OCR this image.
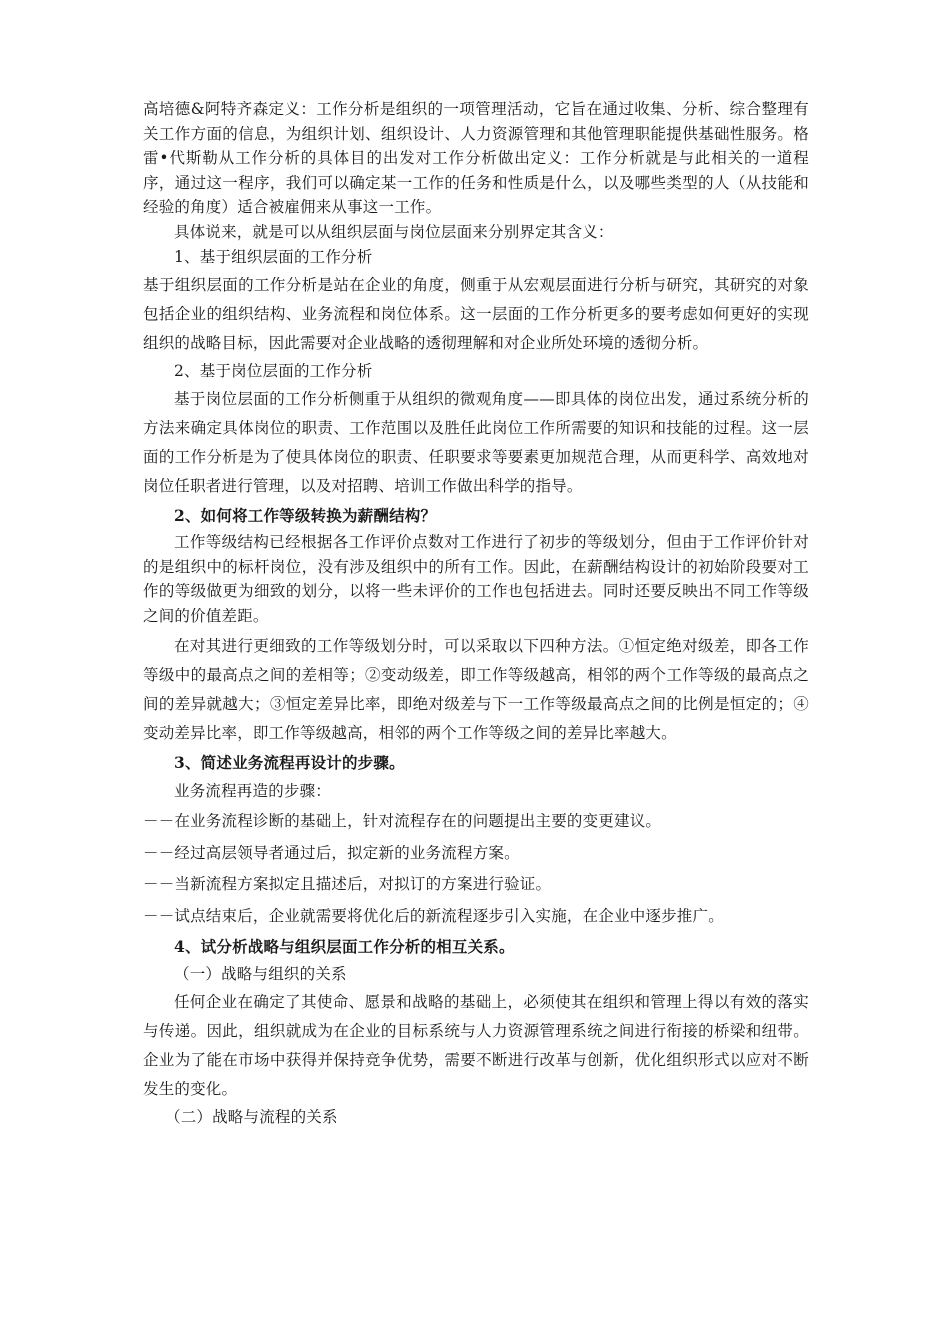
高培德&阿特齐森定义：工作分析是组织的一项管理活动，它旨在通过收集、分析、综合整理有关工作方面的信息，为组织计划、组织设计、人力资源管理和其他管理职能提供基础性服务。格雷•代斯勒从工作分析的具体目的出发对工作分析做出定义：工作分析就是与此相关的一道程序，通过这一程序，我们可以确定某一工作的任务和性质是什么，以及哪些类型的人（从技能和经验的角度）适合被雇佣来从事这一工作。

具体说来，就是可以从组织层面与岗位层面来分别界定其含义：

1、基于组织层面的工作分析

基于组织层面的工作分析是站在企业的角度，侧重于从宏观层面进行分析与研究，其研究的对象包括企业的组织结构、业务流程和岗位体系。这一层面的工作分析更多的要考虑如何更好的实现组织的战略目标，因此需要对企业战略的透彻理解和对企业所处环境的透彻分析。

2、基于岗位层面的工作分析

基于岗位层面的工作分析侧重于从组织的微观角度——即具体的岗位出发，通过系统分析的方法来确定具体岗位的职责、工作范围以及胜任此岗位工作所需要的知识和技能的过程。这一层面的工作分析是为了使具体岗位的职责、任职要求等要素更加规范合理，从而更科学、高效地对岗位任职者进行管理，以及对招聘、培训工作做出科学的指导。

2、如何将工作等级转换为薪酬结构？

工作等级结构已经根据各工作评价点数对工作进行了初步的等级划分，但由于工作评价针对的是组织中的标杆岗位，没有涉及组织中的所有工作。因此，在薪酬结构设计的初始阶段要对工作的等级做更为细致的划分，以将一些未评价的工作也包括进去。同时还要反映出不同工作等级之间的价值差距。

在对其进行更细致的工作等级划分时，可以采取以下四种方法。①恒定绝对级差，即各工作等级中的最高点之间的差相等；②变动级差，即工作等级越高，相邻的两个工作等级的最高点之间的差异就越大；③恒定差异比率，即绝对级差与下一工作等级最高点之间的比例是恒定的；④变动差异比率，即工作等级越高，相邻的两个工作等级之间的差异比率越大。

3、简述业务流程再设计的步骤。

业务流程再造的步骤：

－－在业务流程诊断的基础上，针对流程存在的问题提出主要的变更建议。

－－经过高层领导者通过后，拟定新的业务流程方案。

－－当新流程方案拟定且描述后，对拟订的方案进行验证。

－－试点结束后，企业就需要将优化后的新流程逐步引入实施，在企业中逐步推广。

4、试分析战略与组织层面工作分析的相互关系。

（一）战略与组织的关系

任何企业在确定了其使命、愿景和战略的基础上，必须使其在组织和管理上得以有效的落实与传递。因此，组织就成为在企业的目标系统与人力资源管理系统之间进行衔接的桥梁和纽带。企业为了能在市场中获得并保持竞争优势，需要不断进行改革与创新，优化组织形式以应对不断发生的变化。

（二）战略与流程的关系
